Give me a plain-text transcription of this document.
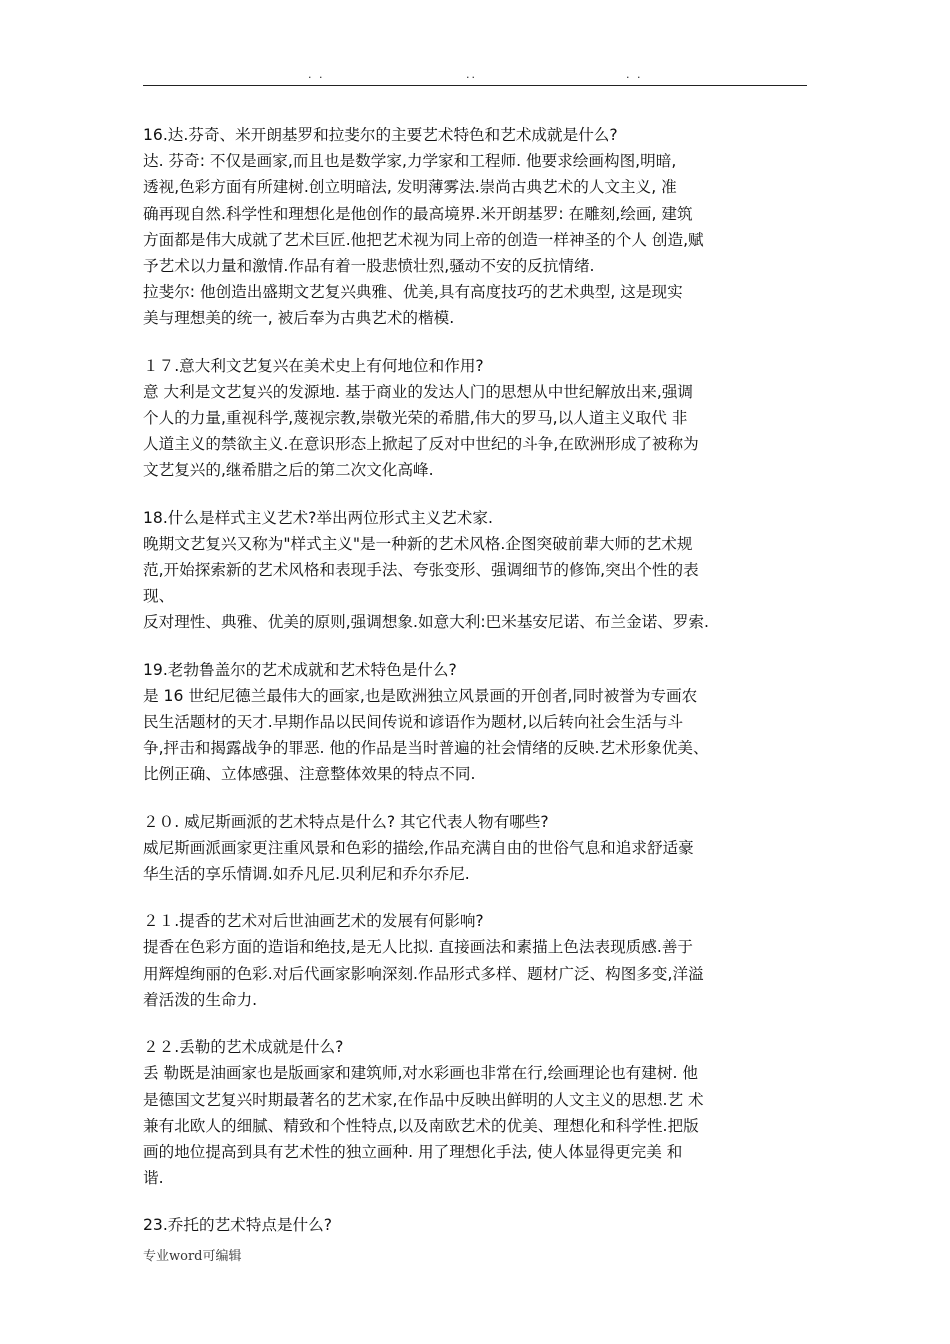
. .	..	. .
16.达.芬奇、米开朗基罗和拉斐尔的主要艺术特色和艺术成就是什么?
达. 芬奇: 不仅是画家,而且也是数学家,力学家和工程师. 他要求绘画构图,明暗,
透视,色彩方面有所建树.创立明暗法, 发明薄雾法.崇尚古典艺术的人文主义, 准
确再现自然.科学性和理想化是他创作的最高境界.米开朗基罗: 在雕刻,绘画, 建筑
方面都是伟大成就了艺术巨匠.他把艺术视为同上帝的创造一样神圣的个人 创造,赋
予艺术以力量和激情.作品有着一股悲愤壮烈,骚动不安的反抗情绪.
拉斐尔: 他创造出盛期文艺复兴典雅、优美,具有高度技巧的艺术典型, 这是现实
美与理想美的统一, 被后奉为古典艺术的楷模.
１７.意大利文艺复兴在美术史上有何地位和作用?
意 大利是文艺复兴的发源地. 基于商业的发达人门的思想从中世纪解放出来,强调
个人的力量,重视科学,蔑视宗教,崇敬光荣的希腊,伟大的罗马,以人道主义取代 非
人道主义的禁欲主义.在意识形态上掀起了反对中世纪的斗争,在欧洲形成了被称为
文艺复兴的,继希腊之后的第二次文化高峰.
18.什么是样式主义艺术?举出两位形式主义艺术家.
晚期文艺复兴又称为"样式主义"是一种新的艺术风格.企图突破前辈大师的艺术规
范,开始探索新的艺术风格和表现手法、夸张变形、强调细节的修饰,突出个性的表
现、
反对理性、典雅、优美的原则,强调想象.如意大利:巴米基安尼诺、布兰金诺、罗索.
19.老勃鲁盖尔的艺术成就和艺术特色是什么?
是 16 世纪尼德兰最伟大的画家,也是欧洲独立风景画的开创者,同时被誉为专画农
民生活题材的天才.早期作品以民间传说和谚语作为题材,以后转向社会生活与斗
争,抨击和揭露战争的罪恶. 他的作品是当时普遍的社会情绪的反映.艺术形象优美、
比例正确、立体感强、注意整体效果的特点不同.
２０. 威尼斯画派的艺术特点是什么? 其它代表人物有哪些?
威尼斯画派画家更注重风景和色彩的描绘,作品充满自由的世俗气息和追求舒适豪
华生活的享乐情调.如乔凡尼.贝利尼和乔尔乔尼.
２１.提香的艺术对后世油画艺术的发展有何影响?
提香在色彩方面的造诣和绝技,是无人比拟. 直接画法和素描上色法表现质感.善于
用辉煌绚丽的色彩.对后代画家影响深刻.作品形式多样、题材广泛、构图多变,洋溢
着活泼的生命力.
２２.丢勒的艺术成就是什么?
丢 勒既是油画家也是版画家和建筑师,对水彩画也非常在行,绘画理论也有建树. 他
是德国文艺复兴时期最著名的艺术家,在作品中反映出鲜明的人文主义的思想.艺 术
兼有北欧人的细腻、精致和个性特点,以及南欧艺术的优美、理想化和科学性.把版
画的地位提高到具有艺术性的独立画种. 用了理想化手法, 使人体显得更完美 和
谐.
23.乔托的艺术特点是什么?
专业word可编辑
